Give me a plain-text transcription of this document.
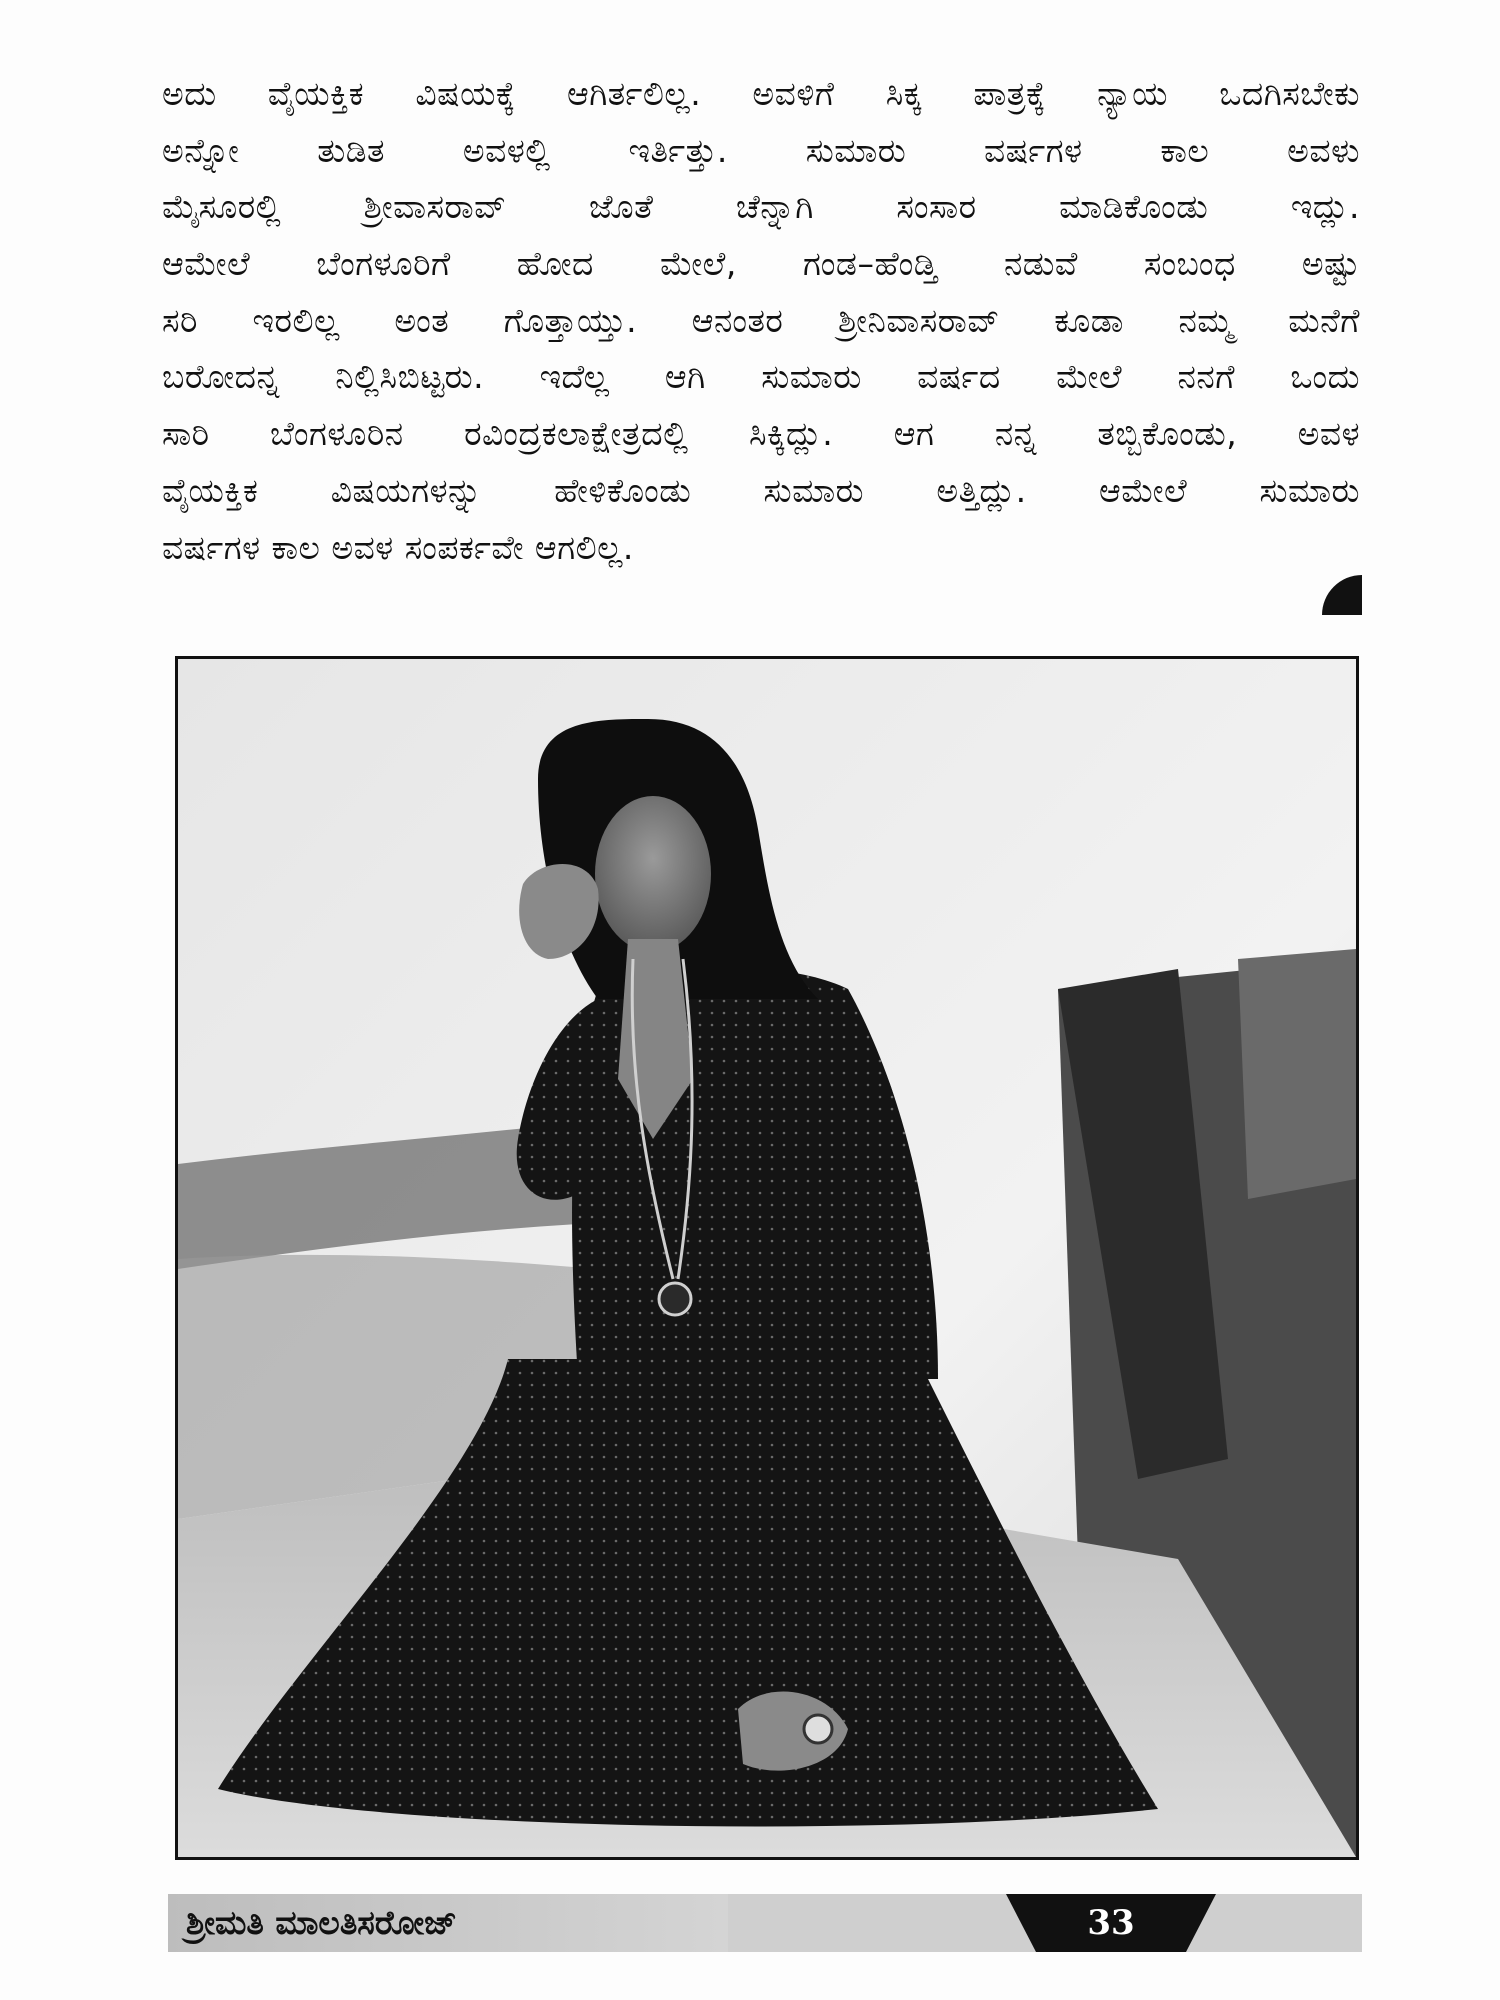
ಅದು ವೈಯಕ್ತಿಕ ವಿಷಯಕ್ಕೆ ಆಗಿರ್ತಲಿಲ್ಲ. ಅವಳಿಗೆ ಸಿಕ್ಕ ಪಾತ್ರಕ್ಕೆ ನ್ಯಾಯ ಒದಗಿಸಬೇಕು
ಅನ್ನೋ ತುಡಿತ ಅವಳಲ್ಲಿ ಇರ್ತಿತ್ತು. ಸುಮಾರು ವರ್ಷಗಳ ಕಾಲ ಅವಳು
ಮೈಸೂರಲ್ಲಿ ಶ್ರೀವಾಸರಾವ್ ಜೊತೆ ಚೆನ್ನಾಗಿ ಸಂಸಾರ ಮಾಡಿಕೊಂಡು ಇದ್ಲು.
ಆಮೇಲೆ ಬೆಂಗಳೂರಿಗೆ ಹೋದ ಮೇಲೆ, ಗಂಡ–ಹೆಂಡ್ತಿ ನಡುವೆ ಸಂಬಂಧ ಅಷ್ಟು
ಸರಿ ಇರಲಿಲ್ಲ ಅಂತ ಗೊತ್ತಾಯ್ತು. ಆನಂತರ ಶ್ರೀನಿವಾಸರಾವ್ ಕೂಡಾ ನಮ್ಮ ಮನೆಗೆ
ಬರೋದನ್ನ ನಿಲ್ಲಿಸಿಬಿಟ್ಟರು. ಇದೆಲ್ಲ ಆಗಿ ಸುಮಾರು ವರ್ಷದ ಮೇಲೆ ನನಗೆ ಒಂದು
ಸಾರಿ ಬೆಂಗಳೂರಿನ ರವಿಂದ್ರಕಲಾಕ್ಷೇತ್ರದಲ್ಲಿ ಸಿಕ್ಕಿದ್ಲು. ಆಗ ನನ್ನ ತಬ್ಬಿಕೊಂಡು, ಅವಳ
ವೈಯಕ್ತಿಕ ವಿಷಯಗಳನ್ನು ಹೇಳಿಕೊಂಡು ಸುಮಾರು ಅತ್ತಿದ್ಲು. ಆಮೇಲೆ ಸುಮಾರು
ವರ್ಷಗಳ ಕಾಲ ಅವಳ ಸಂಪರ್ಕವೇ ಆಗಲಿಲ್ಲ.
ಶ್ರೀಮತಿ ಮಾಲತಿಸರೋಜ್	33
